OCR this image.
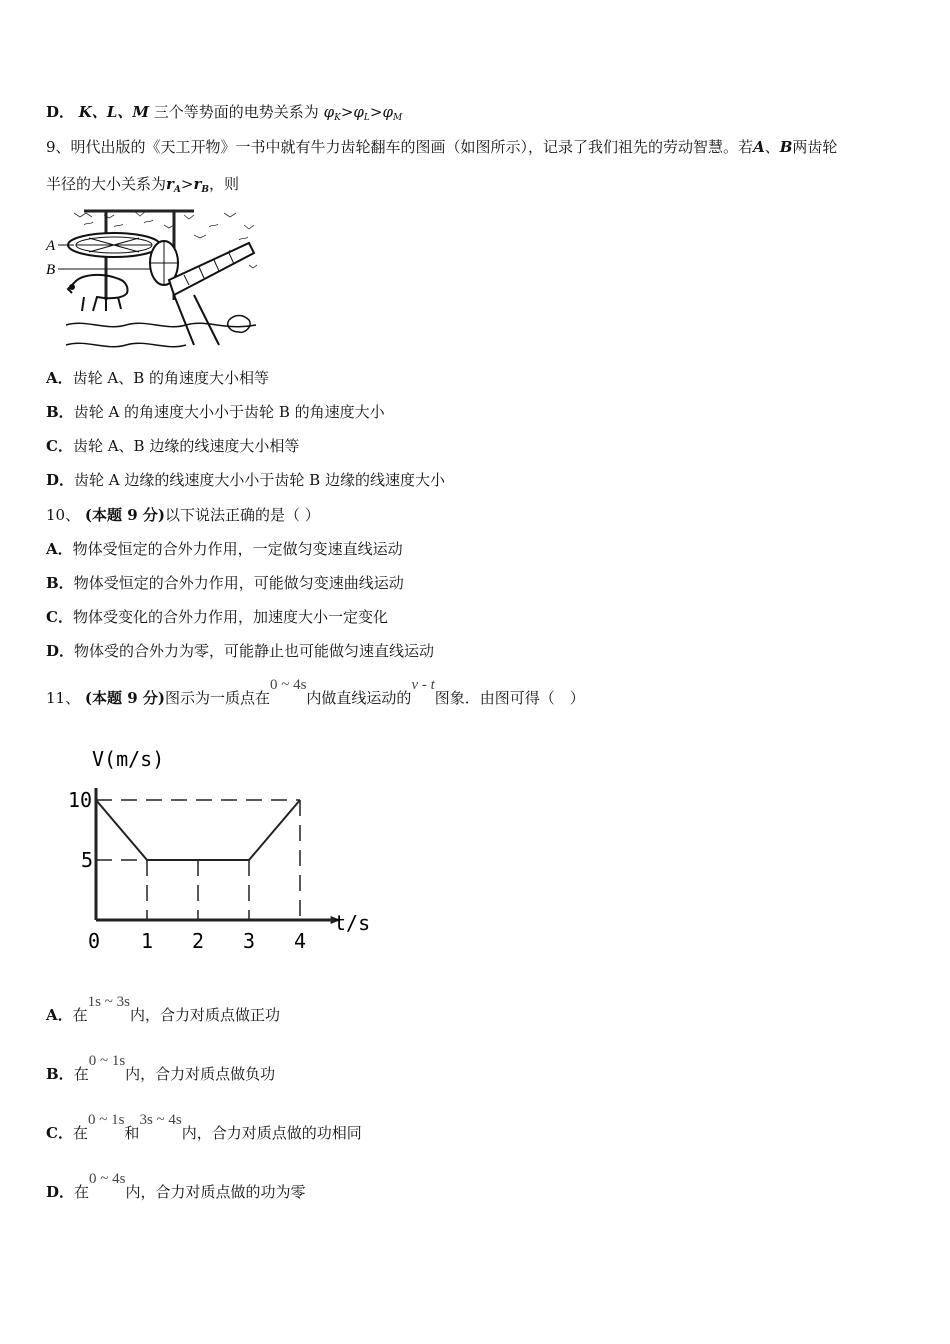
D． K、L、M 三个等势面的电势关系为 $\varphi_K>\varphi_L>\varphi_M$
9、明代出版的《天工开物》一书中就有牛力齿轮翻车的图画（如图所示），记录了我们祖先的劳动智慧。若A、B两齿轮
半径的大小关系为$r_A>r_B$，则
A
B
A．齿轮 A、B 的角速度大小相等
B．齿轮 A 的角速度大小小于齿轮 B 的角速度大小
C．齿轮 A、B 边缘的线速度大小相等
D．齿轮 A 边缘的线速度大小小于齿轮 B 边缘的线速度大小
10、 (本题 9 分)以下说法正确的是（ ）
A．物体受恒定的合外力作用，一定做匀变速直线运动
B．物体受恒定的合外力作用，可能做匀变速曲线运动
C．物体受变化的合外力作用，加速度大小一定变化
D．物体受的合外力为零，可能静止也可能做匀速直线运动
11、 (本题 9 分)图示为一质点在0 ~ 4s内做直线运动的v - t图象．由图可得（　）
0 1 2 3 4
5
10
V(m/s)
t/s
A．在1s ~ 3s内，合力对质点做正功
B．在0 ~ 1s内，合力对质点做负功
C．在0 ~ 1s和3s ~ 4s内，合力对质点做的功相同
D．在0 ~ 4s内，合力对质点做的功为零
